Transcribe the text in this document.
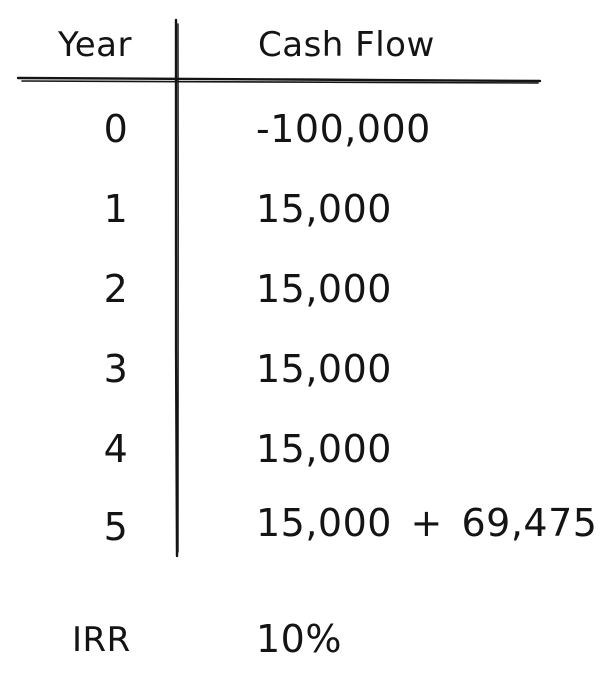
Year	Cash Flow
0	-100,000
1	15,000
2	15,000
3	15,000
4	15,000
5	15,000 + 69,475
IRR	10%
